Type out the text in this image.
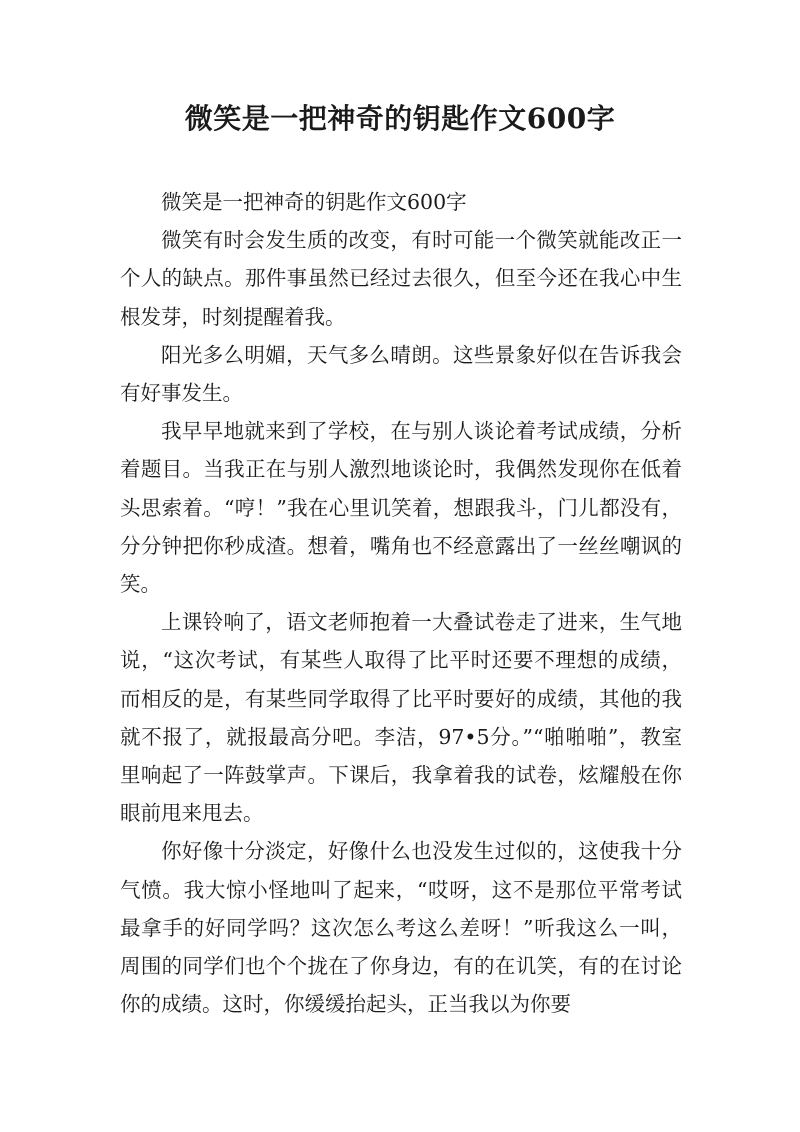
微笑是一把神奇的钥匙作文600字

微笑是一把神奇的钥匙作文600字

微笑有时会发生质的改变，有时可能一个微笑就能改正一个人的缺点。那件事虽然已经过去很久，但至今还在我心中生根发芽，时刻提醒着我。

阳光多么明媚，天气多么晴朗。这些景象好似在告诉我会有好事发生。

我早早地就来到了学校，在与别人谈论着考试成绩，分析着题目。当我正在与别人激烈地谈论时，我偶然发现你在低着头思索着。“哼！”我在心里讥笑着，想跟我斗，门儿都没有，分分钟把你秒成渣。想着，嘴角也不经意露出了一丝丝嘲讽的笑。

上课铃响了，语文老师抱着一大叠试卷走了进来，生气地说，“这次考试，有某些人取得了比平时还要不理想的成绩，而相反的是，有某些同学取得了比平时要好的成绩，其他的我就不报了，就报最高分吧。李洁，97•5分。”“啪啪啪”，教室里响起了一阵鼓掌声。下课后，我拿着我的试卷，炫耀般在你眼前甩来甩去。

你好像十分淡定，好像什么也没发生过似的，这使我十分气愤。我大惊小怪地叫了起来，“哎呀，这不是那位平常考试最拿手的好同学吗？这次怎么考这么差呀！”听我这么一叫，周围的同学们也个个拢在了你身边，有的在讥笑，有的在讨论你的成绩。这时，你缓缓抬起头，正当我以为你要
